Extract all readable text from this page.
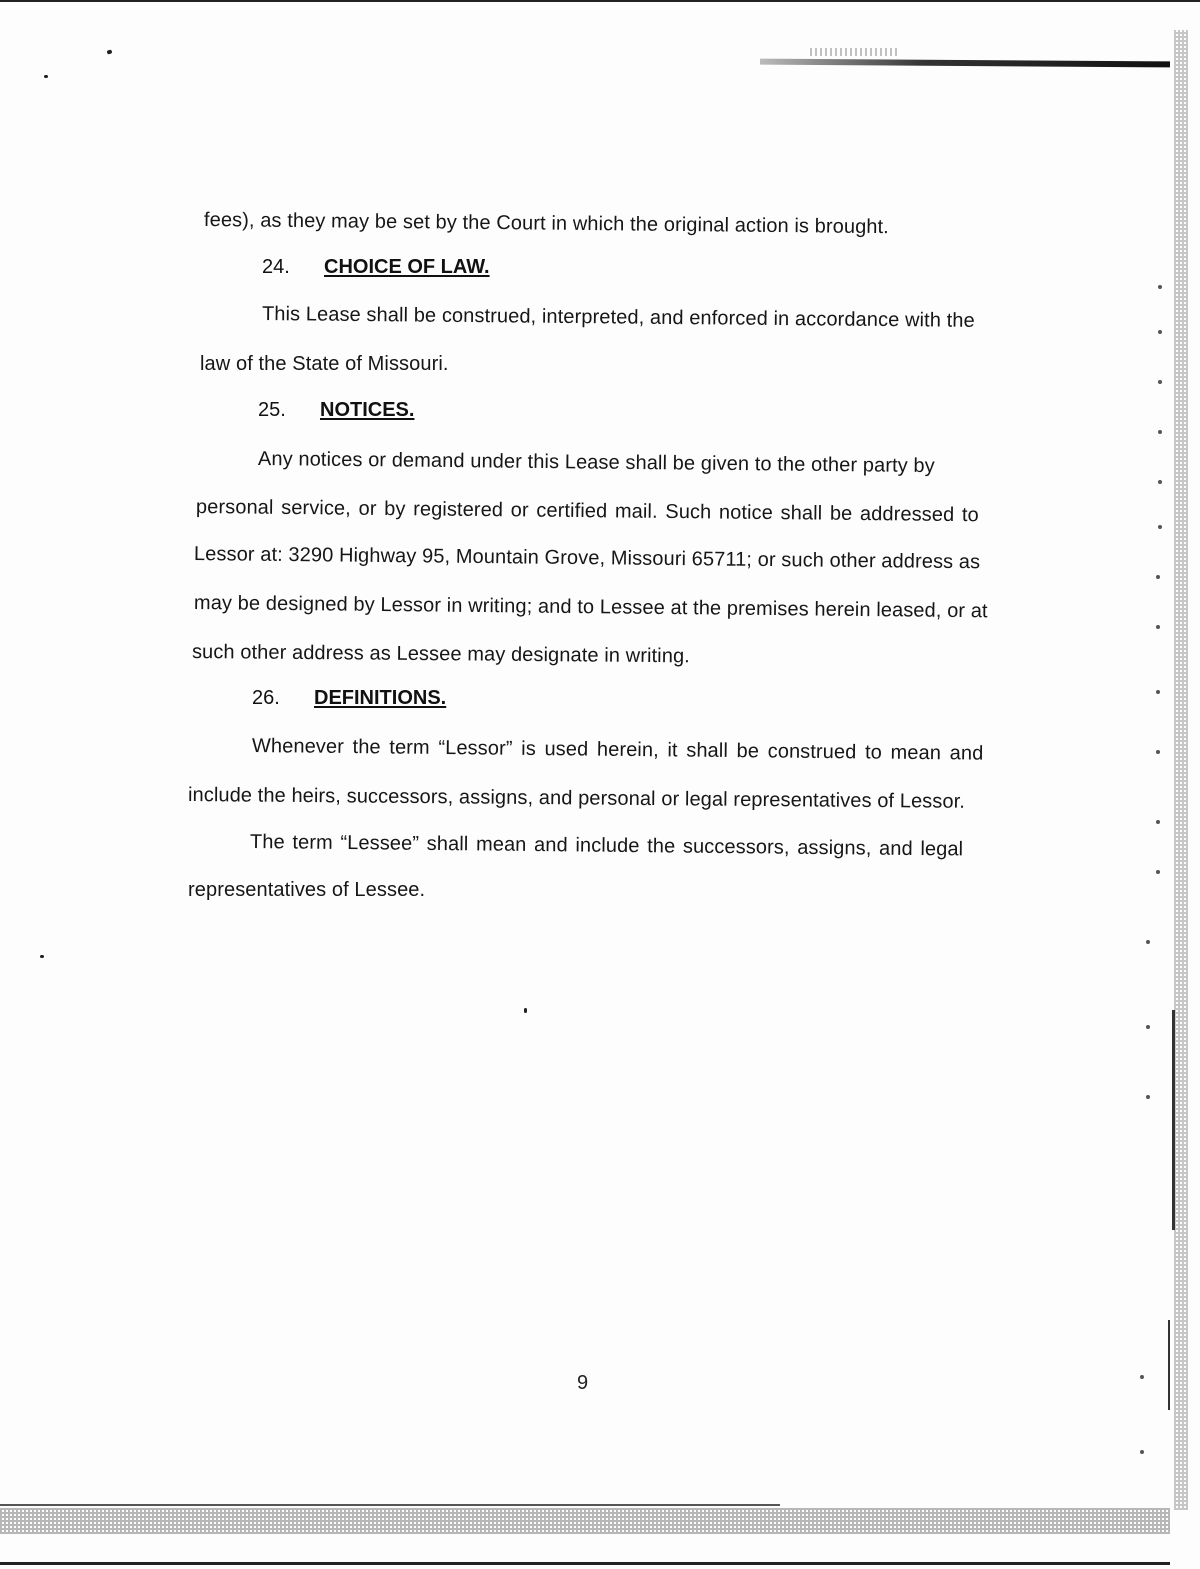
fees), as they may be set by the Court in which the original action is brought.
24. CHOICE OF LAW.
This Lease shall be construed, interpreted, and enforced in accordance with the
law of the State of Missouri.
25. NOTICES.
Any notices or demand under this Lease shall be given to the other party by
personal service, or by registered or certified mail. Such notice shall be addressed to
Lessor at: 3290 Highway 95, Mountain Grove, Missouri 65711; or such other address as
may be designed by Lessor in writing; and to Lessee at the premises herein leased, or at
such other address as Lessee may designate in writing.
26. DEFINITIONS.
Whenever the term “Lessor” is used herein, it shall be construed to mean and
include the heirs, successors, assigns, and personal or legal representatives of Lessor.
The term “Lessee” shall mean and include the successors, assigns, and legal
representatives of Lessee.
9
